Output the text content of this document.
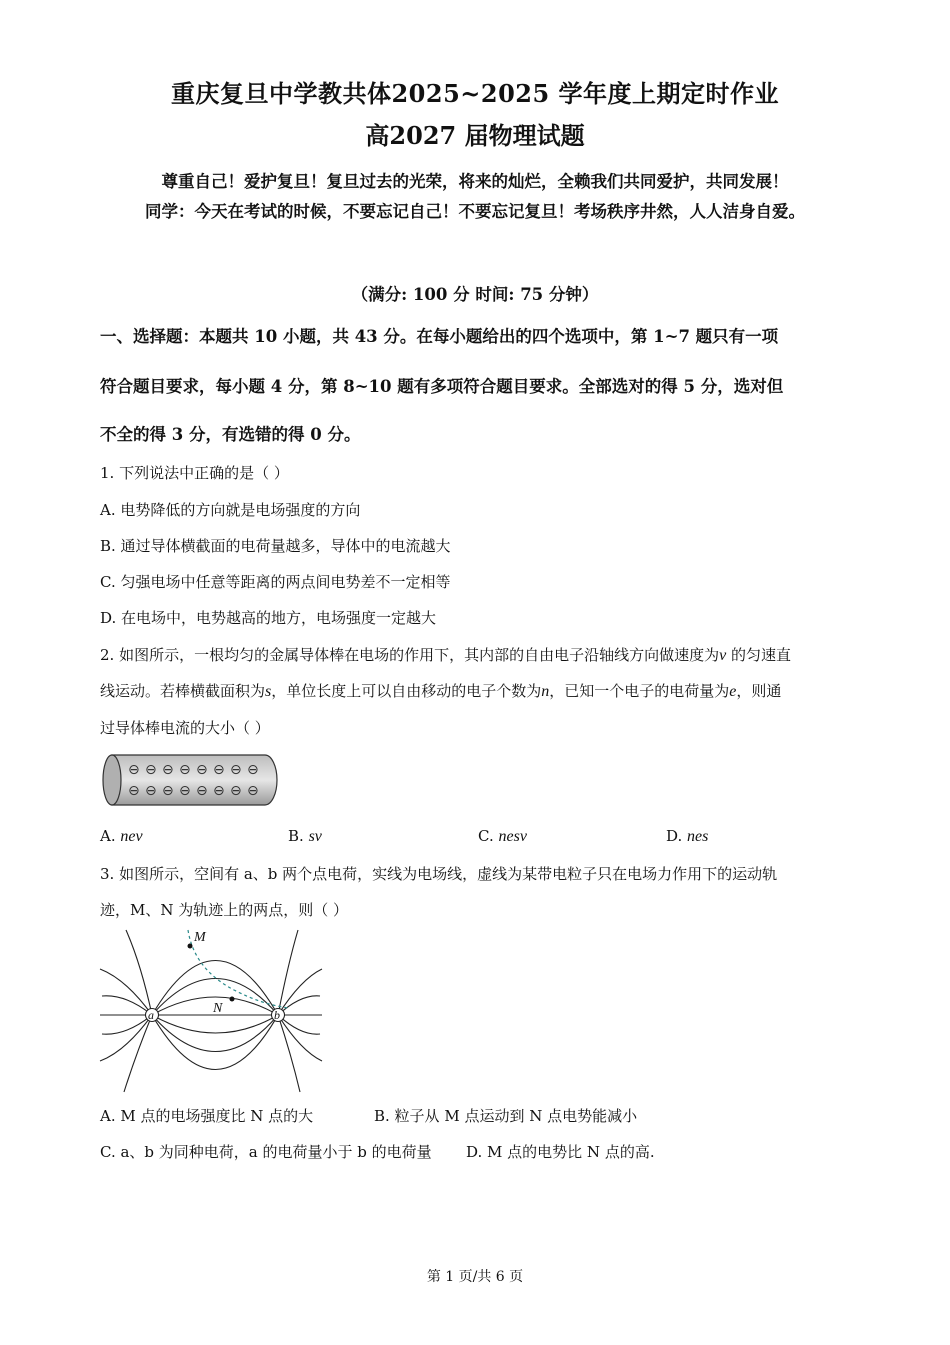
重庆复旦中学教共体2025~2025 学年度上期定时作业
高2027 届物理试题
尊重自己！爱护复旦！复旦过去的光荣，将来的灿烂，全赖我们共同爱护，共同发展！
同学：今天在考试的时候，不要忘记自己！不要忘记复旦！考场秩序井然，人人洁身自爱。
（满分: 100 分 时间: 75 分钟）
一、选择题：本题共 10 小题，共 43 分。在每小题给出的四个选项中，第 1~7 题只有一项
符合题目要求，每小题 4 分，第 8~10 题有多项符合题目要求。全部选对的得 5 分，选对但
不全的得 3 分，有选错的得 0 分。
1. 下列说法中正确的是（ ）
A. 电势降低的方向就是电场强度的方向
B. 通过导体横截面的电荷量越多，导体中的电流越大
C. 匀强电场中任意等距离的两点间电势差不一定相等
D. 在电场中，电势越高的地方，电场强度一定越大
2. 如图所示，一根均匀的金属导体棒在电场的作用下，其内部的自由电子沿轴线方向做速度为v 的匀速直
线运动。若棒横截面积为s，单位长度上可以自由移动的电子个数为n，已知一个电子的电荷量为e，则通
过导体棒电流的大小（ ）
⊖ ⊖ ⊖ ⊖ ⊖ ⊖ ⊖ ⊖
⊖ ⊖ ⊖ ⊖ ⊖ ⊖ ⊖ ⊖
A. nev	B. sv	C. nesv	D. nes
3. 如图所示，空间有 a、b 两个点电荷，实线为电场线，虚线为某带电粒子只在电场力作用下的运动轨
迹，M、N 为轨迹上的两点，则（ ）
M
N
a	b
A. M 点的电场强度比 N 点的大	B. 粒子从 M 点运动到 N 点电势能减小
C. a、b 为同种电荷，a 的电荷量小于 b 的电荷量 D. M 点的电势比 N 点的高.
第 1 页/共 6 页
